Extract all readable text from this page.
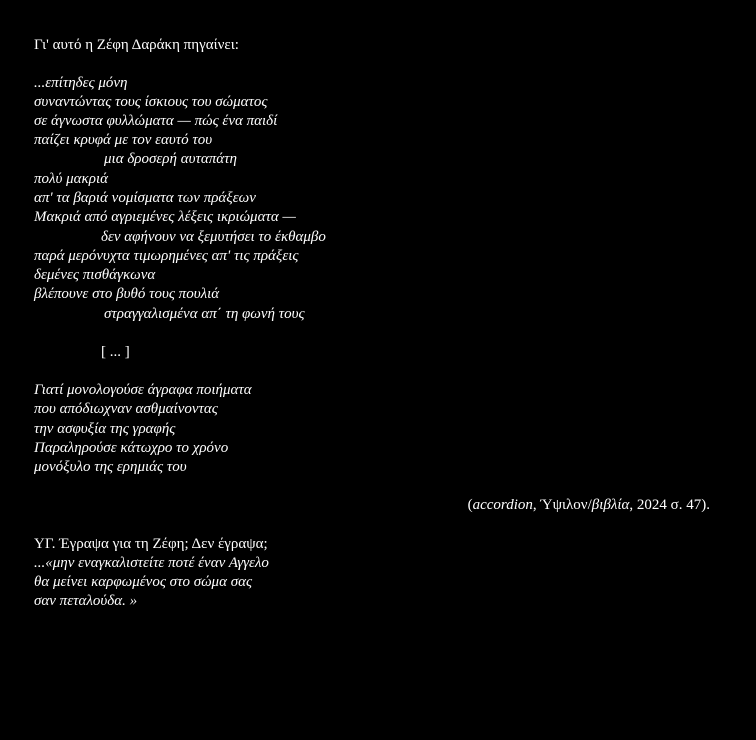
Γι' αυτό η Ζέφη Δαράκη πηγαίνει:
...επίτηδες μόνη
συναντώντας τους ίσκιους του σώματος
σε άγνωστα φυλλώματα — πώς ένα παιδί
παίζει κρυφά με τον εαυτό του
μια δροσερή αυταπάτη
πολύ μακριά
απ' τα βαριά νομίσματα των πράξεων
Μακριά από αγριεμένες λέξεις ικριώματα —
δεν αφήνουν να ξεμυτήσει το έκθαμβο
παρά μερόνυχτα τιμωρημένες απ' τις πράξεις
δεμένες πισθάγκωνα
βλέπουνε στο βυθό τους πουλιά
στραγγαλισμένα απ΄ τη φωνή τους
[ ... ]
Γιατί μονολογούσε άγραφα ποιήματα
που απόδιωχναν ασθμαίνοντας
την ασφυξία της γραφής
Παραληρούσε κάτωχρο το χρόνο
μονόξυλο της ερημιάς του
(accordion, Ύψιλον/βιβλία, 2024 σ. 47).
ΥΓ. Έγραψα για τη Ζέφη; Δεν έγραψα;
...«μην εναγκαλιστείτε ποτέ έναν Αγγελο
θα μείνει καρφωμένος στο σώμα σας
σαν πεταλούδα. »
